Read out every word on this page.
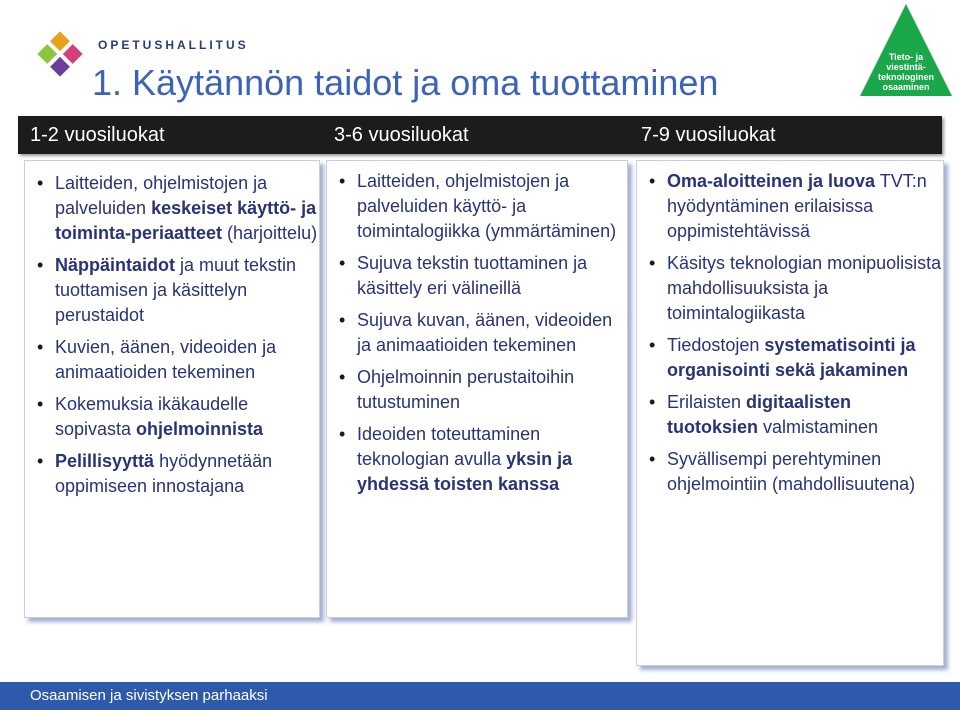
OPETUSHALLITUS
1. Käytännön taidot ja oma tuottaminen
Tieto- ja viestintä-teknologinen osaaminen
1-2 vuosiluokat	3-6 vuosiluokat	7-9 vuosiluokat
• Laitteiden, ohjelmistojen ja palveluiden keskeiset käyttö- ja toiminta-periaatteet (harjoittelu)
• Näppäintaidot ja muut tekstin tuottamisen ja käsittelyn perustaidot
• Kuvien, äänen, videoiden ja animaatioiden tekeminen
• Kokemuksia ikäkaudelle sopivasta ohjelmoinnista
• Pelillisyyttä hyödynnetään oppimiseen innostajana
• Laitteiden, ohjelmistojen ja palveluiden käyttö- ja toimintalogiikka (ymmärtäminen)
• Sujuva tekstin tuottaminen ja käsittely eri välineillä
• Sujuva kuvan, äänen, videoiden ja animaatioiden tekeminen
• Ohjelmoinnin perustaitoihin tutustuminen
• Ideoiden toteuttaminen teknologian avulla yksin ja yhdessä toisten kanssa
• Oma-aloitteinen ja luova TVT:n hyödyntäminen erilaisissa oppimistehtävissä
• Käsitys teknologian monipuolisista mahdollisuuksista ja toimintalogiikasta
• Tiedostojen systematisointi ja organisointi sekä jakaminen
• Erilaisten digitaalisten tuotoksien valmistaminen
• Syvällisempi perehtyminen ohjelmointiin (mahdollisuutena)
Osaamisen ja sivistyksen parhaaksi
